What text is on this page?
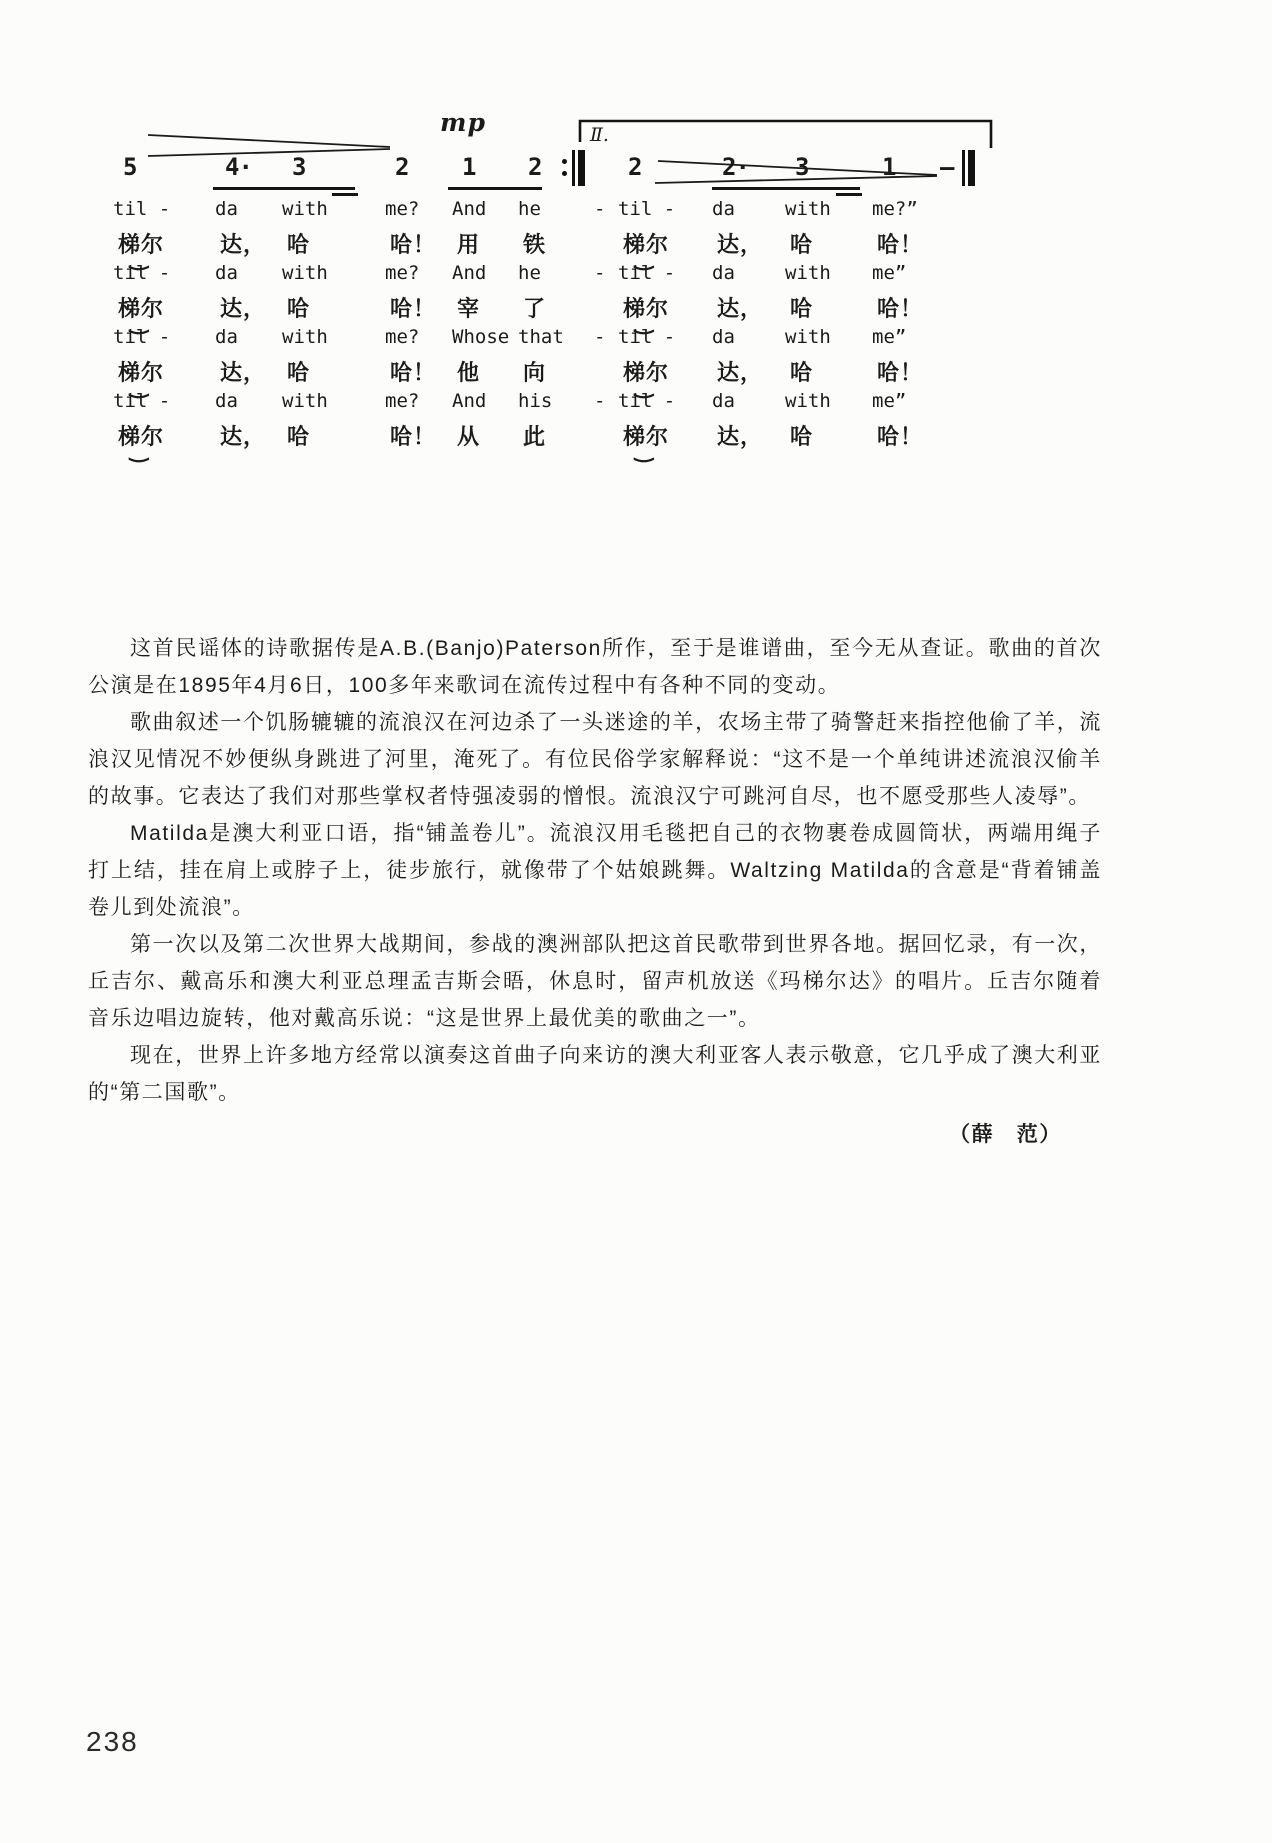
mp	Ⅱ.
5	4· 3	2 1 2	2	2· 3	1 —
til - da with	me? And he	- til - da	with me?”
梯尔 ‿	达， 哈	哈！ 用 铁	梯尔 ‿ 达， 哈	哈！
til - da with	me? And he	- til - da	with me”
梯尔 ‿	达， 哈	哈！ 宰 了	梯尔 ‿ 达， 哈	哈！
til - da with	me? Whose that - til - da	with me”
梯尔 ‿	达， 哈	哈！ 他 向	梯尔 ‿ 达， 哈	哈！
til - da with	me? And his - til - da	with me”
梯尔 ‿	达， 哈	哈！ 从 此	梯尔 ‿ 达， 哈	哈！

这首民谣体的诗歌据传是A.B.(Banjo)Paterson所作，至于是谁谱曲，至今无从查证。歌曲的首次公演是在1895年4月6日，100多年来歌词在流传过程中有各种不同的变动。

歌曲叙述一个饥肠辘辘的流浪汉在河边杀了一头迷途的羊，农场主带了骑警赶来指控他偷了羊，流浪汉见情况不妙便纵身跳进了河里，淹死了。有位民俗学家解释说：“这不是一个单纯讲述流浪汉偷羊的故事。它表达了我们对那些掌权者恃强凌弱的憎恨。流浪汉宁可跳河自尽，也不愿受那些人凌辱”。

Matilda是澳大利亚口语，指“铺盖卷儿”。流浪汉用毛毯把自己的衣物裹卷成圆筒状，两端用绳子打上结，挂在肩上或脖子上，徒步旅行，就像带了个姑娘跳舞。Waltzing Matilda的含意是“背着铺盖卷儿到处流浪”。

第一次以及第二次世界大战期间，参战的澳洲部队把这首民歌带到世界各地。据回忆录，有一次，丘吉尔、戴高乐和澳大利亚总理孟吉斯会晤，休息时，留声机放送《玛梯尔达》的唱片。丘吉尔随着音乐边唱边旋转，他对戴高乐说：“这是世界上最优美的歌曲之一”。

现在，世界上许多地方经常以演奏这首曲子向来访的澳大利亚客人表示敬意，它几乎成了澳大利亚的“第二国歌”。

（薛　范）
238
